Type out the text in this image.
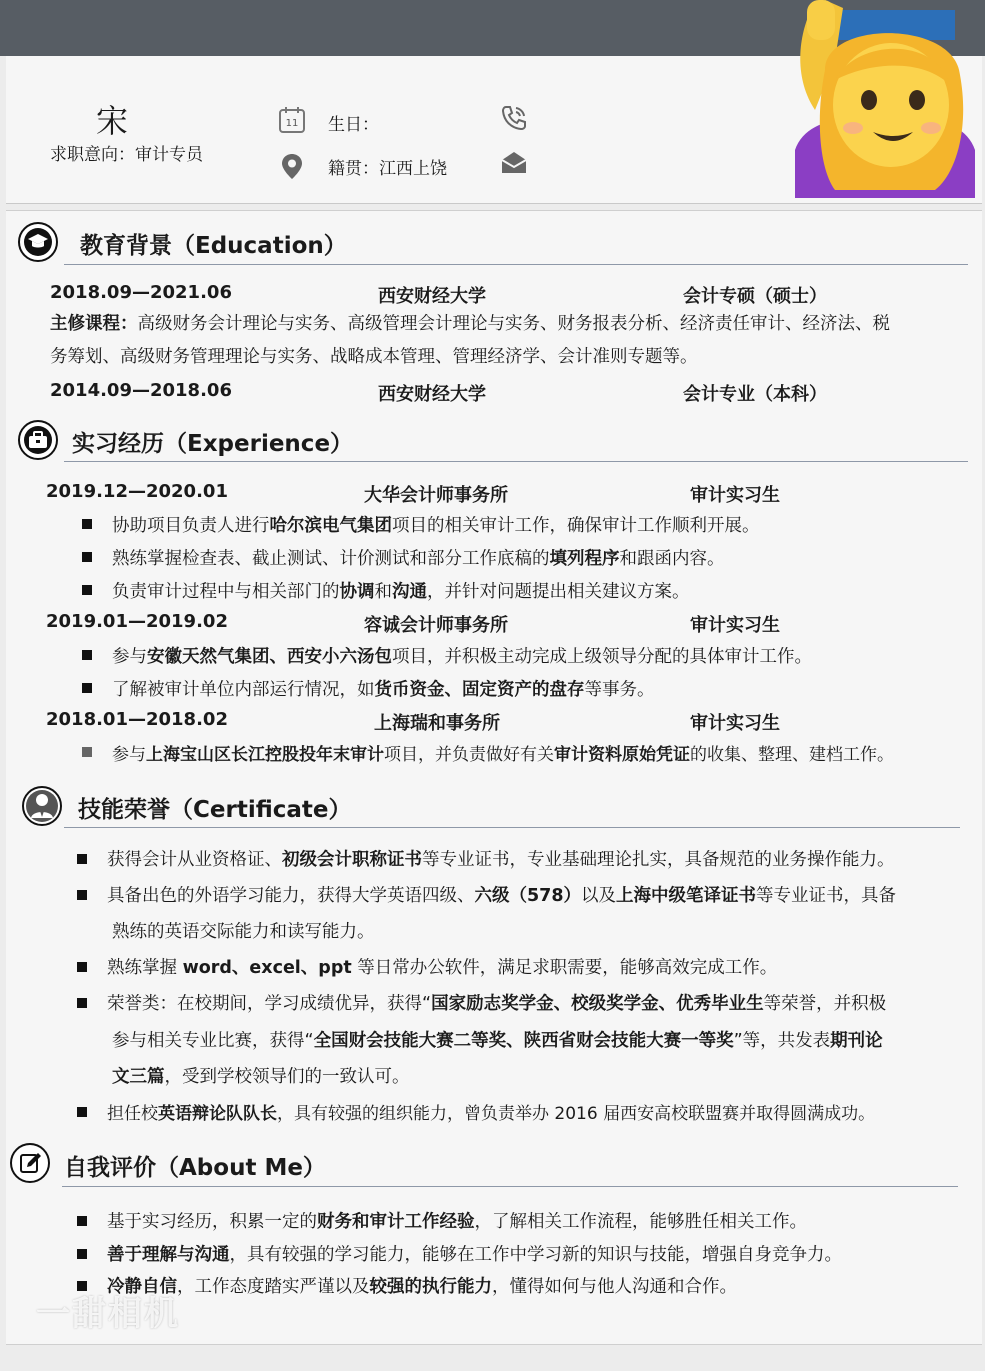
宋
求职意向：审计专员
11 生日：
籍贯：江西上饶
教育背景（Education）
2018.09—2021.06	西安财经大学	会计专硕（硕士）
主修课程：高级财务会计理论与实务、高级管理会计理论与实务、财务报表分析、经济责任审计、经济法、税
务筹划、高级财务管理理论与实务、战略成本管理、管理经济学、会计准则专题等。
2014.09—2018.06	西安财经大学	会计专业（本科）
实习经历（Experience）
2019.12—2020.01	大华会计师事务所	审计实习生
协助项目负责人进行哈尔滨电气集团项目的相关审计工作，确保审计工作顺利开展。
熟练掌握检查表、截止测试、计价测试和部分工作底稿的填列程序和跟函内容。
负责审计过程中与相关部门的协调和沟通，并针对问题提出相关建议方案。
2019.01—2019.02	容诚会计师事务所	审计实习生
参与安徽天然气集团、西安小六汤包项目，并积极主动完成上级领导分配的具体审计工作。
了解被审计单位内部运行情况，如货币资金、固定资产的盘存等事务。
2018.01—2018.02	上海瑞和事务所	审计实习生
参与上海宝山区长江控股投年末审计项目，并负责做好有关审计资料原始凭证的收集、整理、建档工作。
技能荣誉（Certificate）
获得会计从业资格证、初级会计职称证书等专业证书，专业基础理论扎实，具备规范的业务操作能力。
具备出色的外语学习能力，获得大学英语四级、六级（578）以及上海中级笔译证书等专业证书，具备
熟练的英语交际能力和读写能力。
熟练掌握 word、excel、ppt 等日常办公软件，满足求职需要，能够高效完成工作。
荣誉类：在校期间，学习成绩优异，获得“国家励志奖学金、校级奖学金、优秀毕业生等荣誉，并积极
参与相关专业比赛，获得“全国财会技能大赛二等奖、陕西省财会技能大赛一等奖”等，共发表期刊论
文三篇，受到学校领导们的一致认可。
担任校英语辩论队队长，具有较强的组织能力，曾负责举办 2016 届西安高校联盟赛并取得圆满成功。
自我评价（About Me）
基于实习经历，积累一定的财务和审计工作经验，了解相关工作流程，能够胜任相关工作。
善于理解与沟通，具有较强的学习能力，能够在工作中学习新的知识与技能，增强自身竞争力。
冷静自信，工作态度踏实严谨以及较强的执行能力，懂得如何与他人沟通和合作。
一甜相机
